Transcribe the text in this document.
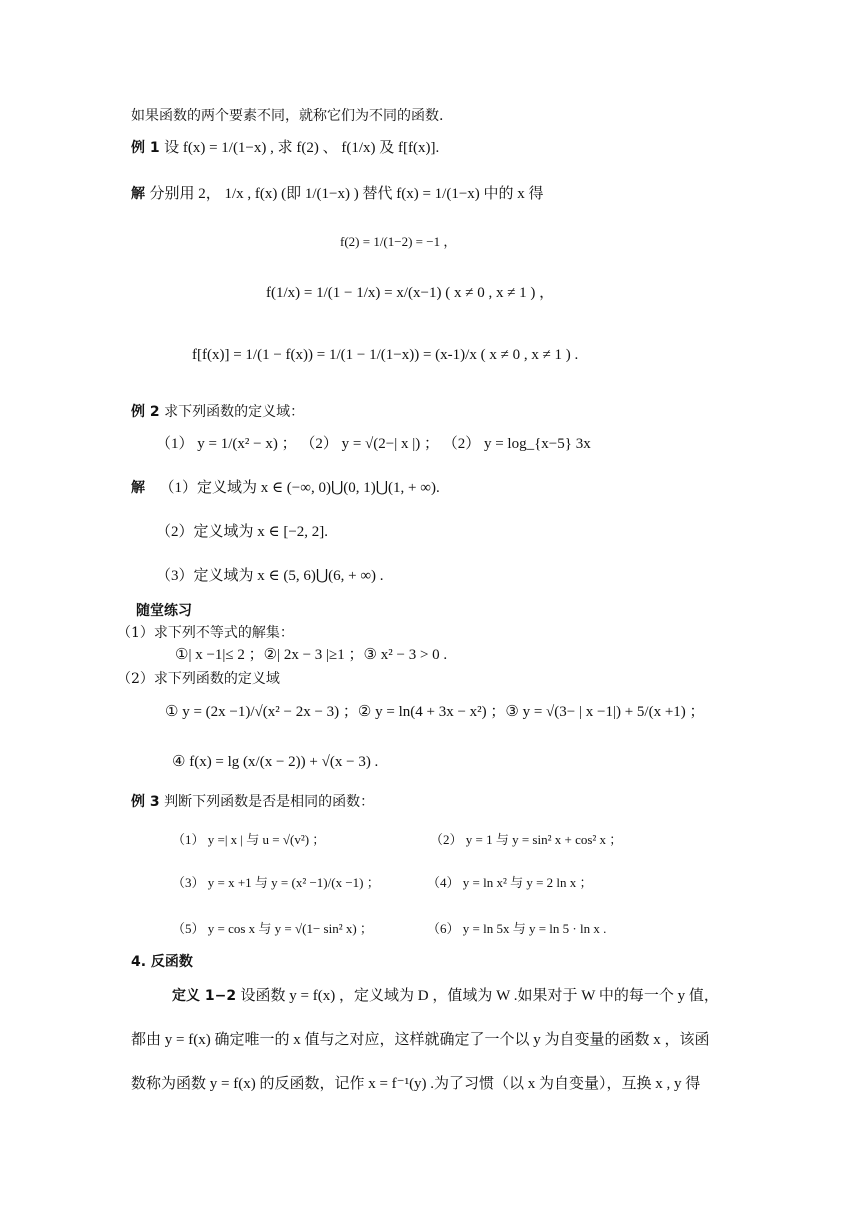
如果函数的两个要素不同，就称它们为不同的函数.
例 1 设 f(x) = 1/(1−x) , 求 f(2) 、 f(1/x) 及 f[f(x)].
解 分别用 2， 1/x , f(x) (即 1/(1−x) ) 替代 f(x) = 1/(1−x) 中的 x 得
f(2) = 1/(1−2) = −1 ，
f(1/x) = 1/(1 − 1/x) = x/(x−1) ( x ≠ 0 , x ≠ 1 ) ，
f[f(x)] = 1/(1 − f(x)) = 1/(1 − 1/(1−x)) = (x-1)/x ( x ≠ 0 , x ≠ 1 ) .
例 2 求下列函数的定义域：
（1） y = 1/(x² − x) ； （2） y = √(2−| x |) ； （2） y = log_{x−5} 3x
解 （1）定义域为 x ∈ (−∞, 0)⋃(0, 1)⋃(1, + ∞).
（2）定义域为 x ∈ [−2, 2].
（3）定义域为 x ∈ (5, 6)⋃(6, + ∞) .
随堂练习
（1）求下列不等式的解集：
①| x −1|≤ 2 ；②| 2x − 3 |≥1 ；③ x² − 3 > 0 .
（2）求下列函数的定义域
① y = (2x −1)/√(x² − 2x − 3) ；② y = ln(4 + 3x − x²) ；③ y = √(3− | x −1|) + 5/(x +1) ；
④ f(x) = lg (x/(x − 2)) + √(x − 3) .
例 3 判断下列函数是否是相同的函数：
（1） y =| x | 与 u = √(v²) ；	（2） y = 1 与 y = sin² x + cos² x ；
（3） y = x +1 与 y = (x² −1)/(x −1) ；	（4） y = ln x² 与 y = 2 ln x ；
（5） y = cos x 与 y = √(1− sin² x) ；	（6） y = ln 5x 与 y = ln 5 · ln x .
4. 反函数
定义 1−2 设函数 y = f(x) ，定义域为 D ，值域为 W .如果对于 W 中的每一个 y 值，
都由 y = f(x) 确定唯一的 x 值与之对应，这样就确定了一个以 y 为自变量的函数 x ，该函
数称为函数 y = f(x) 的反函数，记作 x = f⁻¹(y) .为了习惯（以 x 为自变量），互换 x , y 得
